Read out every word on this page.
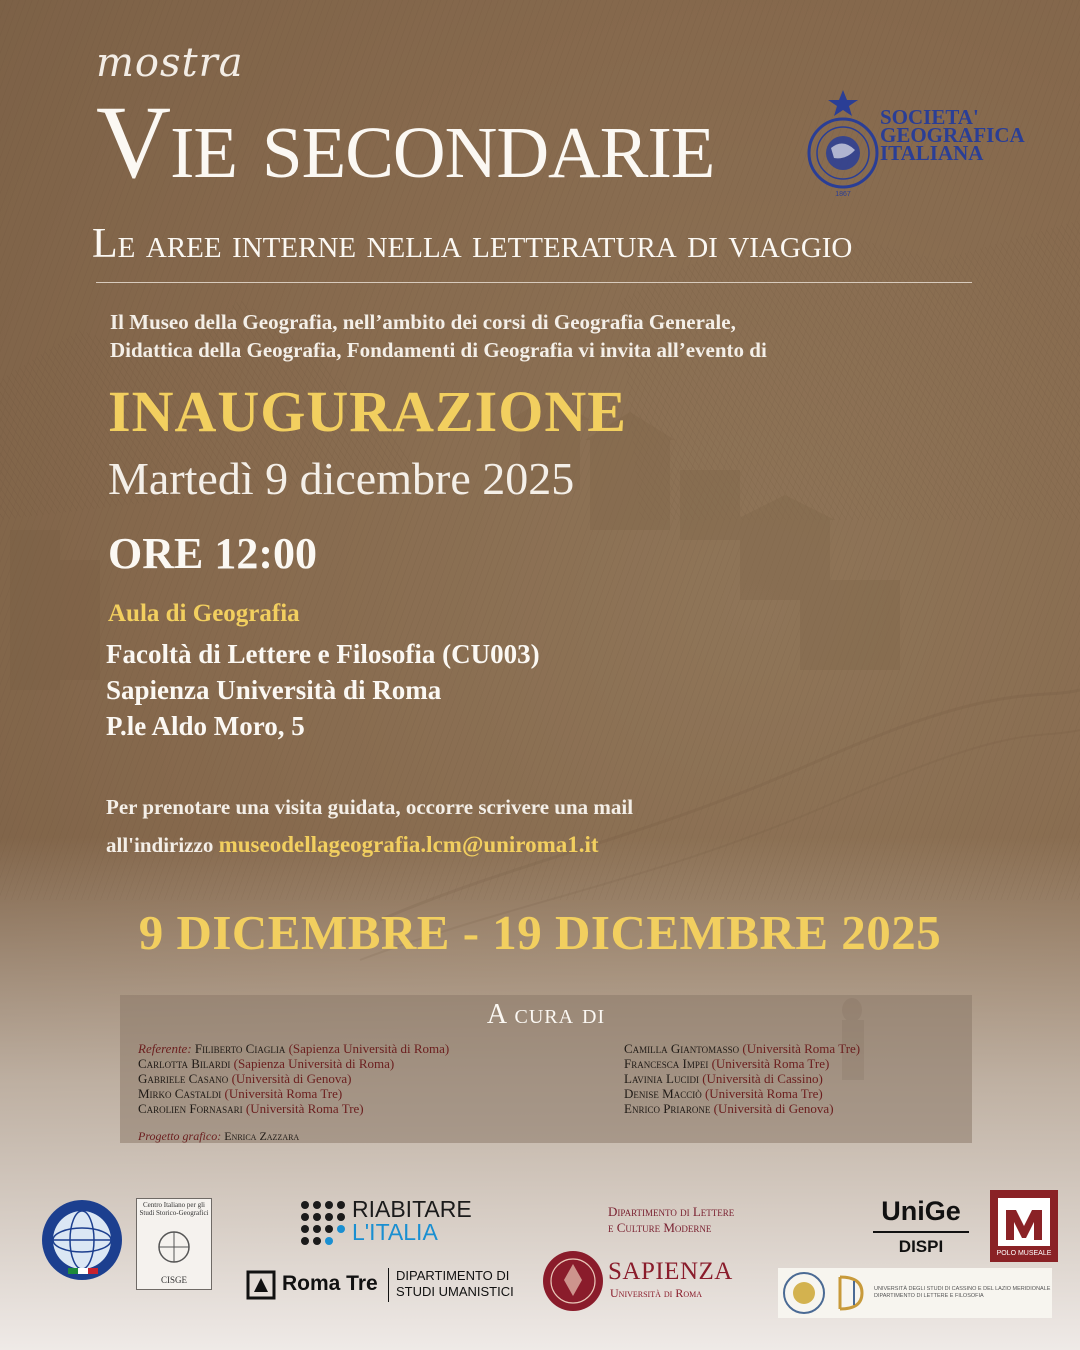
mostra
Vie secondarie	1867
SOCIETA'
GEOGRAFICA
ITALIANA
Le aree interne nella letteratura di viaggio
Il Museo della Geografia, nell’ambito dei corsi di Geografia Generale,
Didattica della Geografia, Fondamenti di Geografia vi invita all’evento di
INAUGURAZIONE
Martedì 9 dicembre 2025
ORE 12:00
Aula di Geografia
Facoltà di Lettere e Filosofia (CU003)
Sapienza Università di Roma
P.le Aldo Moro, 5
Per prenotare una visita guidata, occorre scrivere una mail
all'indirizzo museodellageografia.lcm@uniroma1.it
9 DICEMBRE - 19 DICEMBRE 2025
A cura di
Referente: Filiberto Ciaglia (Sapienza Università di Roma)
Carlotta Bilardi (Sapienza Università di Roma)
Gabriele Casano (Università di Genova)
Mirko Castaldi (Università Roma Tre)
Carolien Fornasari (Università Roma Tre)
Camilla Giantomasso (Università Roma Tre)
Francesca Impei (Università Roma Tre)
Lavinia Lucidi (Università di Cassino)
Denise Macciò (Università Roma Tre)
Enrico Priarone (Università di Genova)
Progetto grafico: Enrica Zazzara
Centro Italiano per gli Studi Storico-Geografici
CISGE
RIABITARE
L'ITALIA
Roma Tre DIPARTIMENTO DI
STUDI UMANISTICI
Dipartimento di Lettere
e Culture Moderne
SAPIENZA
Università di Roma
UniGe
DISPI	POLO MUSEALE
UNIVERSITÀ DEGLI STUDI DI CASSINO E DEL LAZIO MERIDIONALE
DIPARTIMENTO DI LETTERE E FILOSOFIA
